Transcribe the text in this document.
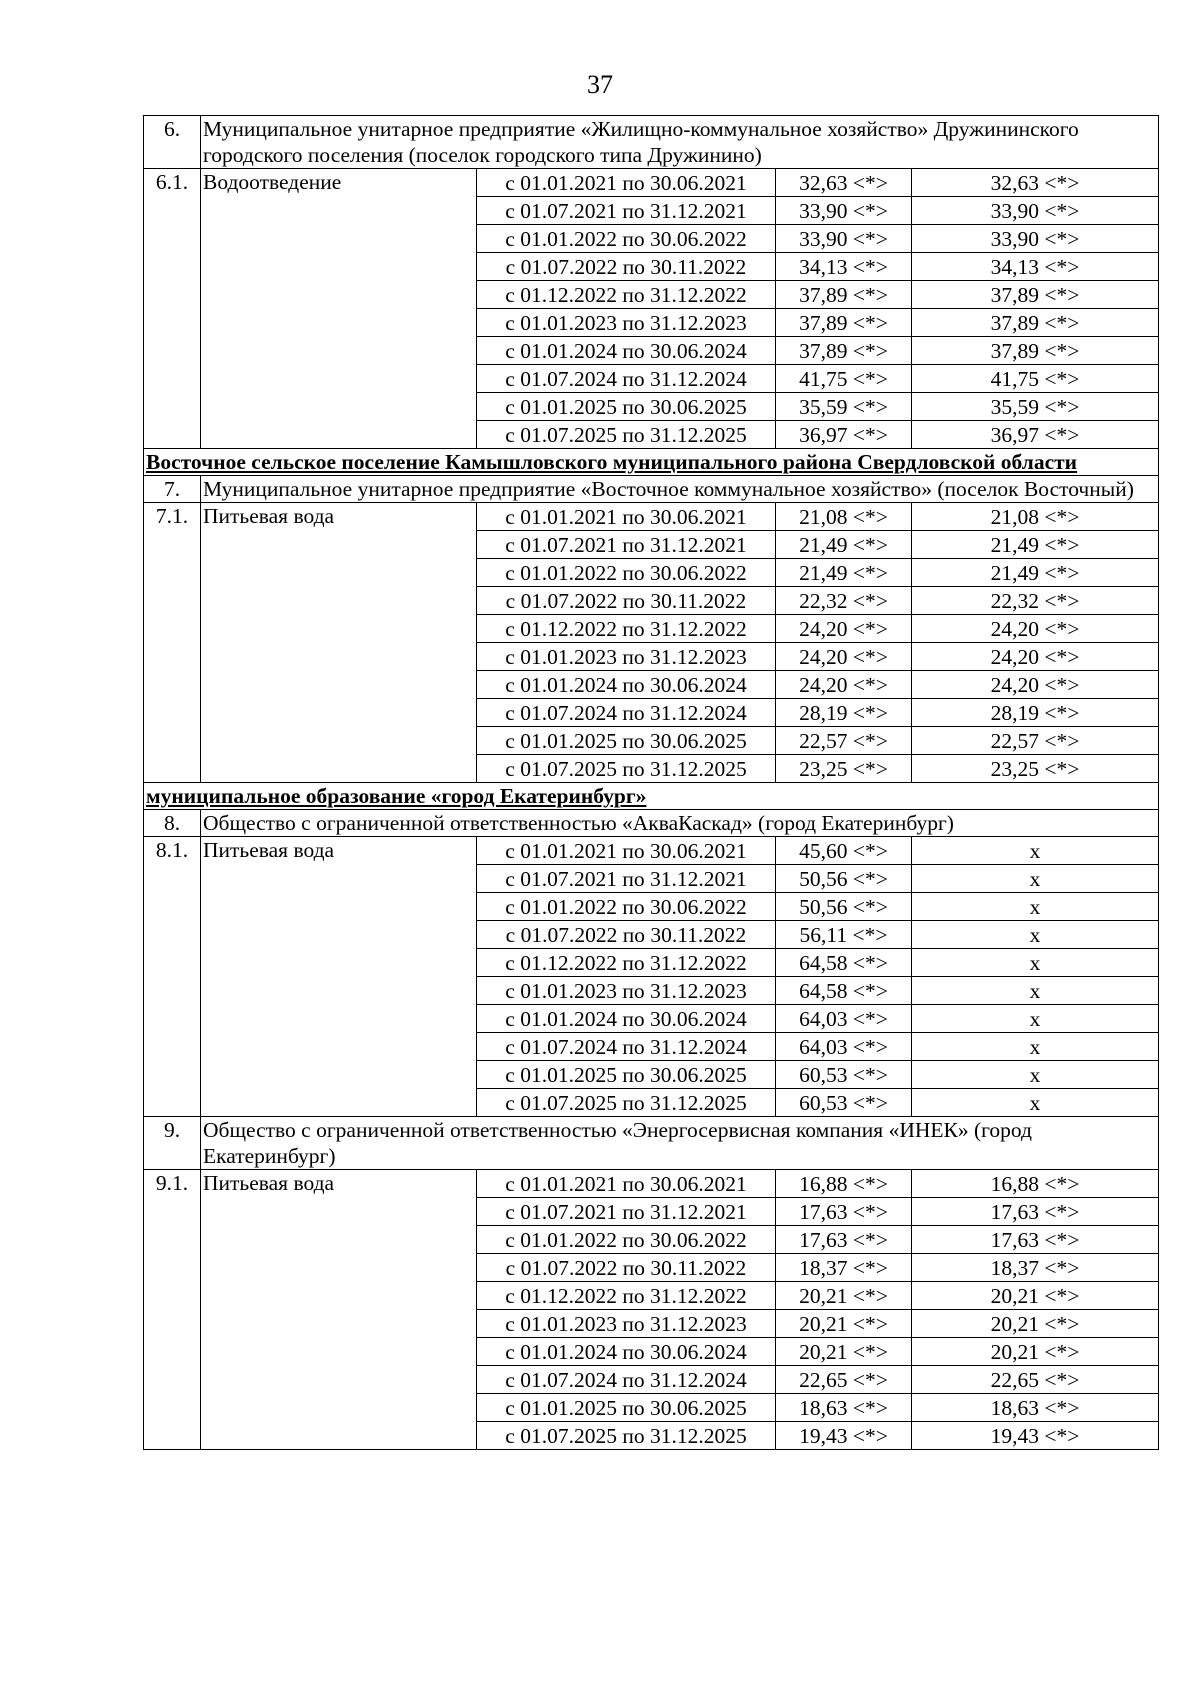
37
6.	Муниципальное унитарное предприятие «Жилищно-коммунальное хозяйство» Дружининского городского поселения (поселок городского типа Дружинино)			
6.1.	Водоотведение	с 01.01.2021 по 30.06.2021	32,63 <*>	32,63 <*>
		с 01.07.2021 по 31.12.2021	33,90 <*>	33,90 <*>
		с 01.01.2022 по 30.06.2022	33,90 <*>	33,90 <*>
		с 01.07.2022 по 30.11.2022	34,13 <*>	34,13 <*>
		с 01.12.2022 по 31.12.2022	37,89 <*>	37,89 <*>
		с 01.01.2023 по 31.12.2023	37,89 <*>	37,89 <*>
		с 01.01.2024 по 30.06.2024	37,89 <*>	37,89 <*>
		с 01.07.2024 по 31.12.2024	41,75 <*>	41,75 <*>
		с 01.01.2025 по 30.06.2025	35,59 <*>	35,59 <*>
		с 01.07.2025 по 31.12.2025	36,97 <*>	36,97 <*>
Восточное сельское поселение Камышловского муниципального района Свердловской области				
7.	Муниципальное унитарное предприятие «Восточное коммунальное хозяйство» (поселок Восточный)			
7.1.	Питьевая вода	с 01.01.2021 по 30.06.2021	21,08 <*>	21,08 <*>
		с 01.07.2021 по 31.12.2021	21,49 <*>	21,49 <*>
		с 01.01.2022 по 30.06.2022	21,49 <*>	21,49 <*>
		с 01.07.2022 по 30.11.2022	22,32 <*>	22,32 <*>
		с 01.12.2022 по 31.12.2022	24,20 <*>	24,20 <*>
		с 01.01.2023 по 31.12.2023	24,20 <*>	24,20 <*>
		с 01.01.2024 по 30.06.2024	24,20 <*>	24,20 <*>
		с 01.07.2024 по 31.12.2024	28,19 <*>	28,19 <*>
		с 01.01.2025 по 30.06.2025	22,57 <*>	22,57 <*>
		с 01.07.2025 по 31.12.2025	23,25 <*>	23,25 <*>
муниципальное образование «город Екатеринбург»				
8.	Общество с ограниченной ответственностью «АкваКаскад» (город Екатеринбург)			
8.1.	Питьевая вода	с 01.01.2021 по 30.06.2021	45,60 <*>	х
		с 01.07.2021 по 31.12.2021	50,56 <*>	х
		с 01.01.2022 по 30.06.2022	50,56 <*>	х
		с 01.07.2022 по 30.11.2022	56,11 <*>	х
		с 01.12.2022 по 31.12.2022	64,58 <*>	х
		с 01.01.2023 по 31.12.2023	64,58 <*>	х
		с 01.01.2024 по 30.06.2024	64,03 <*>	х
		с 01.07.2024 по 31.12.2024	64,03 <*>	х
		с 01.01.2025 по 30.06.2025	60,53 <*>	х
		с 01.07.2025 по 31.12.2025	60,53 <*>	х
9.	Общество с ограниченной ответственностью «Энергосервисная компания «ИНЕК» (город Екатеринбург)			
9.1.	Питьевая вода	с 01.01.2021 по 30.06.2021	16,88 <*>	16,88 <*>
		с 01.07.2021 по 31.12.2021	17,63 <*>	17,63 <*>
		с 01.01.2022 по 30.06.2022	17,63 <*>	17,63 <*>
		с 01.07.2022 по 30.11.2022	18,37 <*>	18,37 <*>
		с 01.12.2022 по 31.12.2022	20,21 <*>	20,21 <*>
		с 01.01.2023 по 31.12.2023	20,21 <*>	20,21 <*>
		с 01.01.2024 по 30.06.2024	20,21 <*>	20,21 <*>
		с 01.07.2024 по 31.12.2024	22,65 <*>	22,65 <*>
		с 01.01.2025 по 30.06.2025	18,63 <*>	18,63 <*>
		с 01.07.2025 по 31.12.2025	19,43 <*>	19,43 <*>
